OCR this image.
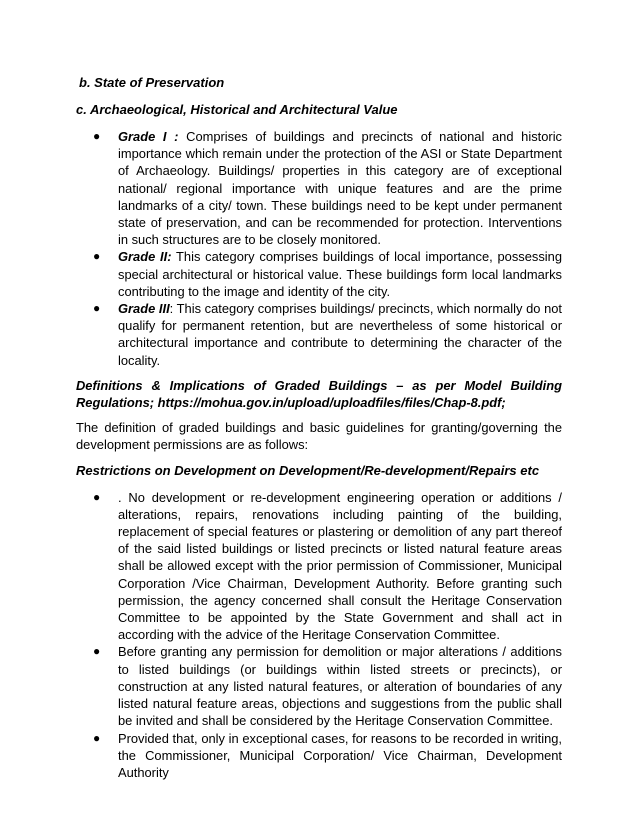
b. State of Preservation

c. Archaeological, Historical and Architectural Value

● Grade I : Comprises of buildings and precincts of national and historic importance which remain under the protection of the ASI or State Department of Archaeology. Buildings/ properties in this category are of exceptional national/ regional importance with unique features and are the prime landmarks of a city/ town. These buildings need to be kept under permanent state of preservation, and can be recommended for protection. Interventions in such structures are to be closely monitored.
● Grade II: This category comprises buildings of local importance, possessing special architectural or historical value. These buildings form local landmarks contributing to the image and identity of the city.
● Grade III: This category comprises buildings/ precincts, which normally do not qualify for permanent retention, but are nevertheless of some historical or architectural importance and contribute to determining the character of the locality.

Definitions & Implications of Graded Buildings – as per Model Building Regulations; https://mohua.gov.in/upload/uploadfiles/files/Chap-8.pdf;

The definition of graded buildings and basic guidelines for granting/governing the development permissions are as follows:

Restrictions on Development on Development/Re-development/Repairs etc

● . No development or re-development engineering operation or additions / alterations, repairs, renovations including painting of the building, replacement of special features or plastering or demolition of any part thereof of the said listed buildings or listed precincts or listed natural feature areas shall be allowed except with the prior permission of Commissioner, Municipal Corporation /Vice Chairman, Development Authority. Before granting such permission, the agency concerned shall consult the Heritage Conservation Committee to be appointed by the State Government and shall act in according with the advice of the Heritage Conservation Committee.
● Before granting any permission for demolition or major alterations / additions to listed buildings (or buildings within listed streets or precincts), or construction at any listed natural features, or alteration of boundaries of any listed natural feature areas, objections and suggestions from the public shall be invited and shall be considered by the Heritage Conservation Committee.
● Provided that, only in exceptional cases, for reasons to be recorded in writing, the Commissioner, Municipal Corporation/ Vice Chairman, Development Authority
